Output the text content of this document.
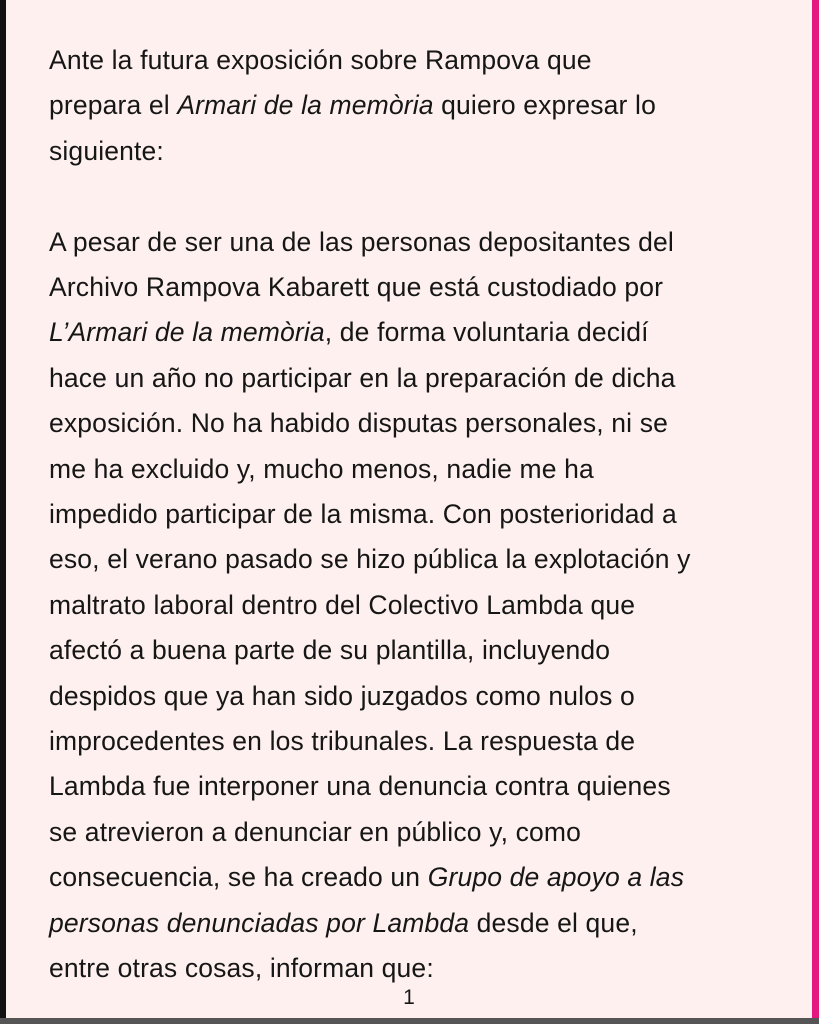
Ante la futura exposición sobre Rampova que
prepara el Armari de la memòria quiero expresar lo
siguiente:

A pesar de ser una de las personas depositantes del
Archivo Rampova Kabarett que está custodiado por
L’Armari de la memòria, de forma voluntaria decidí
hace un año no participar en la preparación de dicha
exposición. No ha habido disputas personales, ni se
me ha excluido y, mucho menos, nadie me ha
impedido participar de la misma. Con posterioridad a
eso, el verano pasado se hizo pública la explotación y
maltrato laboral dentro del Colectivo Lambda que
afectó a buena parte de su plantilla, incluyendo
despidos que ya han sido juzgados como nulos o
improcedentes en los tribunales. La respuesta de
Lambda fue interponer una denuncia contra quienes
se atrevieron a denunciar en público y, como
consecuencia, se ha creado un Grupo de apoyo a las
personas denunciadas por Lambda desde el que,
entre otras cosas, informan que:

1
